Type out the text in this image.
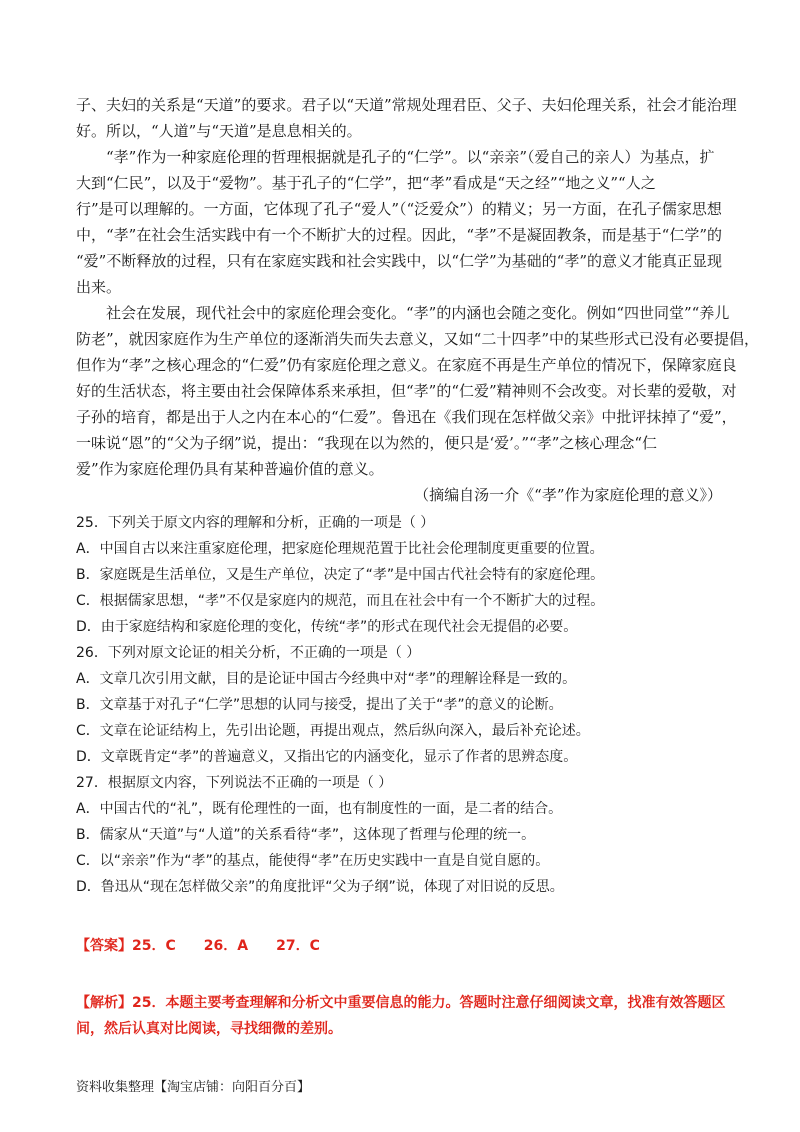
子、夫妇的关系是“天道”的要求。君子以“天道”常规处理君臣、父子、夫妇伦理关系，社会才能治理
好。所以，“人道”与“天道”是息息相关的。
“孝”作为一种家庭伦理的哲理根据就是孔子的“仁学”。以“亲亲”（爱自己的亲人）为基点，扩
大到“仁民”，以及于“爱物”。基于孔子的“仁学”，把“孝”看成是“天之经”“地之义”“人之
行”是可以理解的。一方面，它体现了孔子“爱人”（“泛爱众”）的精义；另一方面，在孔子儒家思想
中，“孝”在社会生活实践中有一个不断扩大的过程。因此，“孝”不是凝固教条，而是基于“仁学”的
“爱”不断释放的过程，只有在家庭实践和社会实践中，以“仁学”为基础的“孝”的意义才能真正显现
出来。
社会在发展，现代社会中的家庭伦理会变化。“孝”的内涵也会随之变化。例如“四世同堂”“养儿
防老”，就因家庭作为生产单位的逐渐消失而失去意义，又如“二十四孝”中的某些形式已没有必要提倡，
但作为“孝”之核心理念的“仁爱”仍有家庭伦理之意义。在家庭不再是生产单位的情况下，保障家庭良
好的生活状态，将主要由社会保障体系来承担，但“孝”的“仁爱”精神则不会改变。对长辈的爱敬，对
子孙的培育，都是出于人之内在本心的“仁爱”。鲁迅在《我们现在怎样做父亲》中批评抹掉了“爱”，
一味说“恩”的“父为子纲”说，提出：“我现在以为然的，便只是‘爱’。”“孝”之核心理念“仁
爱”作为家庭伦理仍具有某种普遍价值的意义。
（摘编自汤一介《“孝”作为家庭伦理的意义》）
25．下列关于原文内容的理解和分析，正确的一项是（ ）
A．中国自古以来注重家庭伦理，把家庭伦理规范置于比社会伦理制度更重要的位置。
B．家庭既是生活单位，又是生产单位，决定了“孝”是中国古代社会特有的家庭伦理。
C．根据儒家思想，“孝”不仅是家庭内的规范，而且在社会中有一个不断扩大的过程。
D．由于家庭结构和家庭伦理的变化，传统“孝”的形式在现代社会无提倡的必要。
26．下列对原文论证的相关分析，不正确的一项是（ ）
A．文章几次引用文献，目的是论证中国古今经典中对“孝”的理解诠释是一致的。
B．文章基于对孔子“仁学”思想的认同与接受，提出了关于“孝”的意义的论断。
C．文章在论证结构上，先引出论题，再提出观点，然后纵向深入，最后补充论述。
D．文章既肯定“孝”的普遍意义，又指出它的内涵变化，显示了作者的思辨态度。
27．根据原文内容，下列说法不正确的一项是（ ）
A．中国古代的“礼”，既有伦理性的一面，也有制度性的一面，是二者的结合。
B．儒家从“天道”与“人道”的关系看待“孝”，这体现了哲理与伦理的统一。
C．以“亲亲”作为“孝”的基点，能使得“孝”在历史实践中一直是自觉自愿的。
D．鲁迅从“现在怎样做父亲”的角度批评“父为子纲”说，体现了对旧说的反思。
【答案】25．C 26．A 27．C
【解析】25．本题主要考查理解和分析文中重要信息的能力。答题时注意仔细阅读文章，找准有效答题区
间，然后认真对比阅读，寻找细微的差别。
资料收集整理【淘宝店铺：向阳百分百】
